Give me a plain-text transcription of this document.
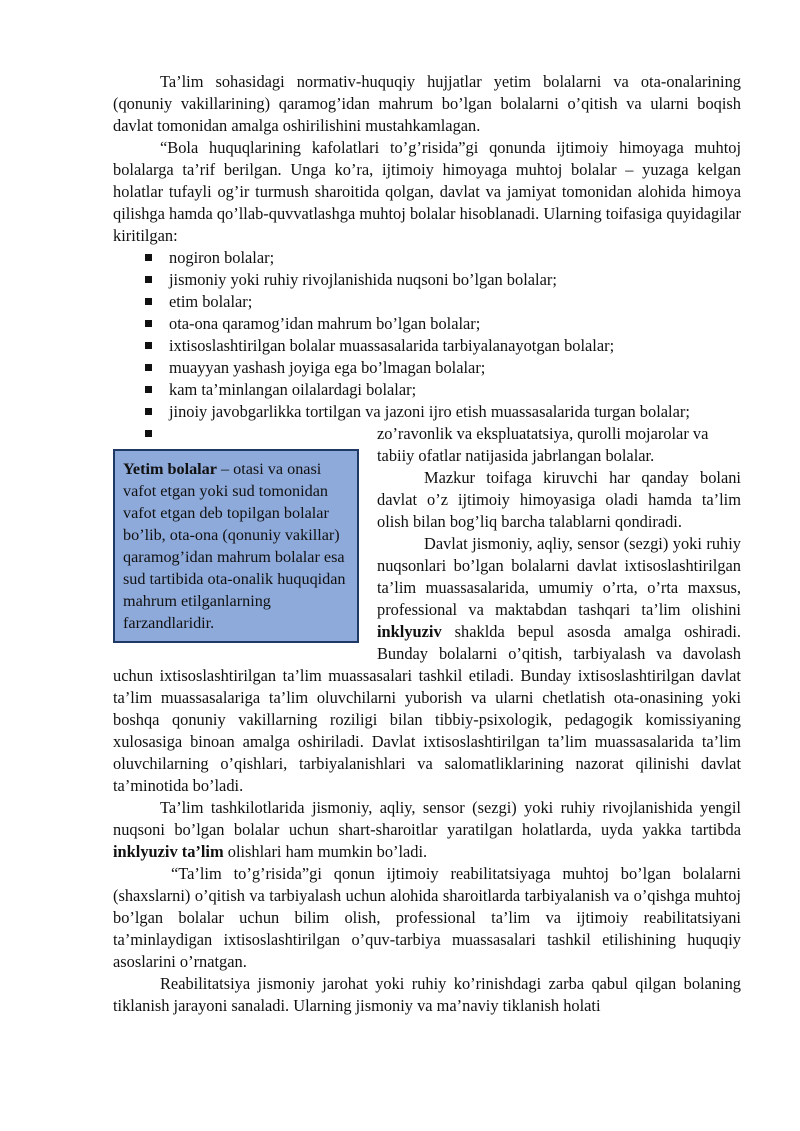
Ta’lim sohasidagi normativ-huquqiy hujjatlar yetim bolalarni va ota-onalarining (qonuniy vakillarining) qaramog’idan mahrum bo’lgan bolalarni o’qitish va ularni boqish davlat tomonidan amalga oshirilishini mustahkamlagan.

“Bola huquqlarining kafolatlari to’g’risida”gi qonunda ijtimoiy himoyaga muhtoj bolalarga ta’rif berilgan. Unga ko’ra, ijtimoiy himoyaga muhtoj bolalar – yuzaga kelgan holatlar tufayli og’ir turmush sharoitida qolgan, davlat va jamiyat tomonidan alohida himoya qilishga hamda qo’llab-quvvatlashga muhtoj bolalar hisoblanadi. Ularning toifasiga quyidagilar kiritilgan:

nogiron bolalar;
jismoniy yoki ruhiy rivojlanishida nuqsoni bo’lgan bolalar;
etim bolalar;
ota-ona qaramog’idan mahrum bo’lgan bolalar;
ixtisoslashtirilgan bolalar muassasalarida tarbiyalanayotgan bolalar;
muayyan yashash joyiga ega bo’lmagan bolalar;
kam ta’minlangan oilalardagi bolalar;
jinoiy javobgarlikka tortilgan va jazoni ijro etish muassasalarida turgan bolalar;
Yetim bolalar – otasi va onasi vafot etgan yoki sud tomonidan vafot etgan deb topilgan bolalar bo’lib, ota-ona (qonuniy vakillar) qaramog’idan mahrum bolalar esa sud tartibida ota-onalik huquqidan mahrum etilganlarning farzandlaridir.
zo’ravonlik va ekspluatatsiya, qurolli mojarolar va tabiiy ofatlar natijasida jabrlangan bolalar.

Mazkur toifaga kiruvchi har qanday bolani davlat o’z ijtimoiy himoyasiga oladi hamda ta’lim olish bilan bog’liq barcha talablarni qondiradi.

Davlat jismoniy, aqliy, sensor (sezgi) yoki ruhiy nuqsonlari bo’lgan bolalarni davlat ixtisoslashtirilgan ta’lim muassasalarida, umumiy o’rta, o’rta maxsus, professional va maktabdan tashqari ta’lim olishini inklyuziv shaklda bepul asosda amalga oshiradi. Bunday bolalarni o’qitish, tarbiyalash va davolash uchun ixtisoslashtirilgan ta’lim muassasalari tashkil etiladi. Bunday ixtisoslashtirilgan davlat ta’lim muassasalariga ta’lim oluvchilarni yuborish va ularni chetlatish ota-onasining yoki boshqa qonuniy vakillarning roziligi bilan tibbiy-psixologik, pedagogik komissiyaning xulosasiga binoan amalga oshiriladi. Davlat ixtisoslashtirilgan ta’lim muassasalarida ta’lim oluvchilarning o’qishlari, tarbiyalanishlari va salomatliklarining nazorat qilinishi davlat ta’minotida bo’ladi.

Ta’lim tashkilotlarida jismoniy, aqliy, sensor (sezgi) yoki ruhiy rivojlanishida yengil nuqsoni bo’lgan bolalar uchun shart-sharoitlar yaratilgan holatlarda, uyda yakka tartibda inklyuziv ta’lim olishlari ham mumkin bo’ladi.

“Ta’lim to’g’risida”gi qonun ijtimoiy reabilitatsiyaga muhtoj bo’lgan bolalarni (shaxslarni) o’qitish va tarbiyalash uchun alohida sharoitlarda tarbiyalanish va o’qishga muhtoj bo’lgan bolalar uchun bilim olish, professional ta’lim va ijtimoiy reabilitatsiyani ta’minlaydigan ixtisoslashtirilgan o’quv-tarbiya muassasalari tashkil etilishining huquqiy asoslarini o’rnatgan.

Reabilitatsiya jismoniy jarohat yoki ruhiy ko’rinishdagi zarba qabul qilgan bolaning tiklanish jarayoni sanaladi. Ularning jismoniy va ma’naviy tiklanish holati
